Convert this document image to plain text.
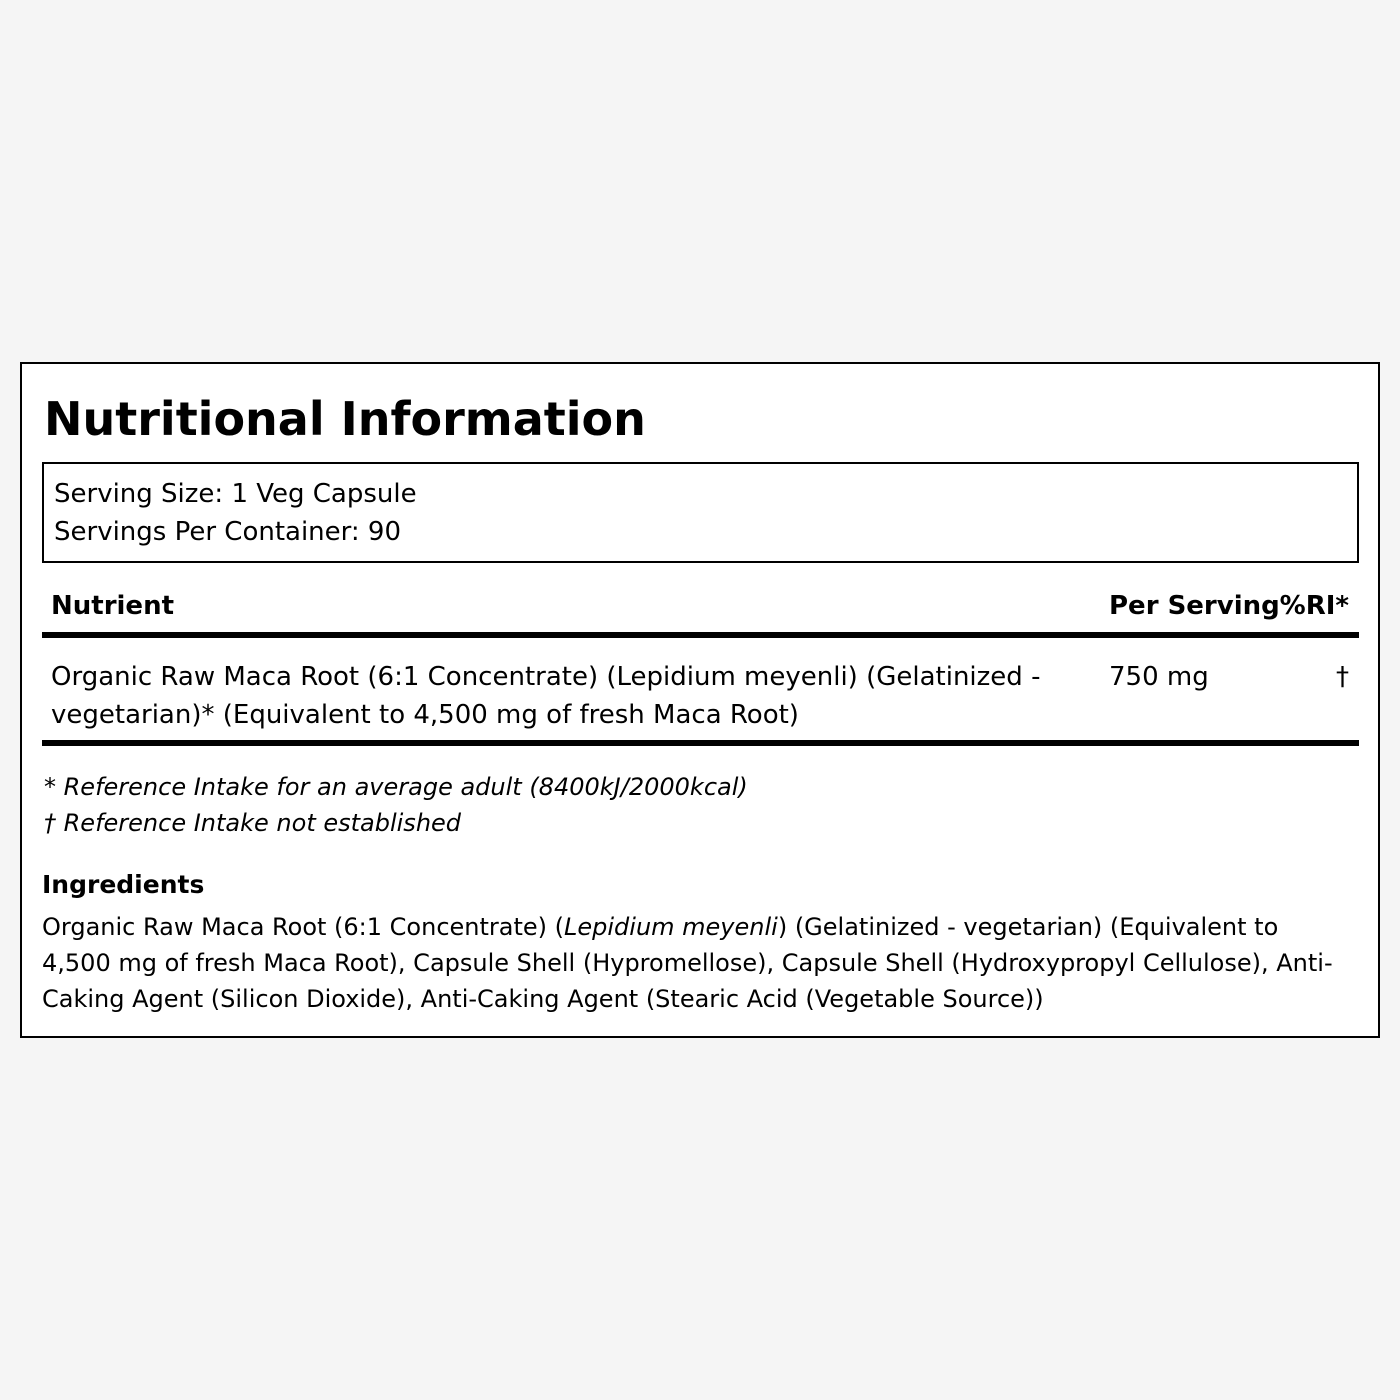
Nutritional Information
Serving Size: 1 Veg Capsule
Servings Per Container: 90
Nutrient	Per Serving %RI*
Organic Raw Maca Root (6:1 Concentrate) (Lepidium meyenli) (Gelatinized - vegetarian)* (Equivalent to 4,500 mg of fresh Maca Root)
750 mg	†
* Reference Intake for an average adult (8400kJ/2000kcal)
† Reference Intake not established
Ingredients

Organic Raw Maca Root (6:1 Concentrate) (Lepidium meyenli) (Gelatinized - vegetarian) (Equivalent to 4,500 mg of fresh Maca Root), Capsule Shell (Hypromellose), Capsule Shell (Hydroxypropyl Cellulose), Anti-Caking Agent (Silicon Dioxide), Anti-Caking Agent (Stearic Acid (Vegetable Source))
